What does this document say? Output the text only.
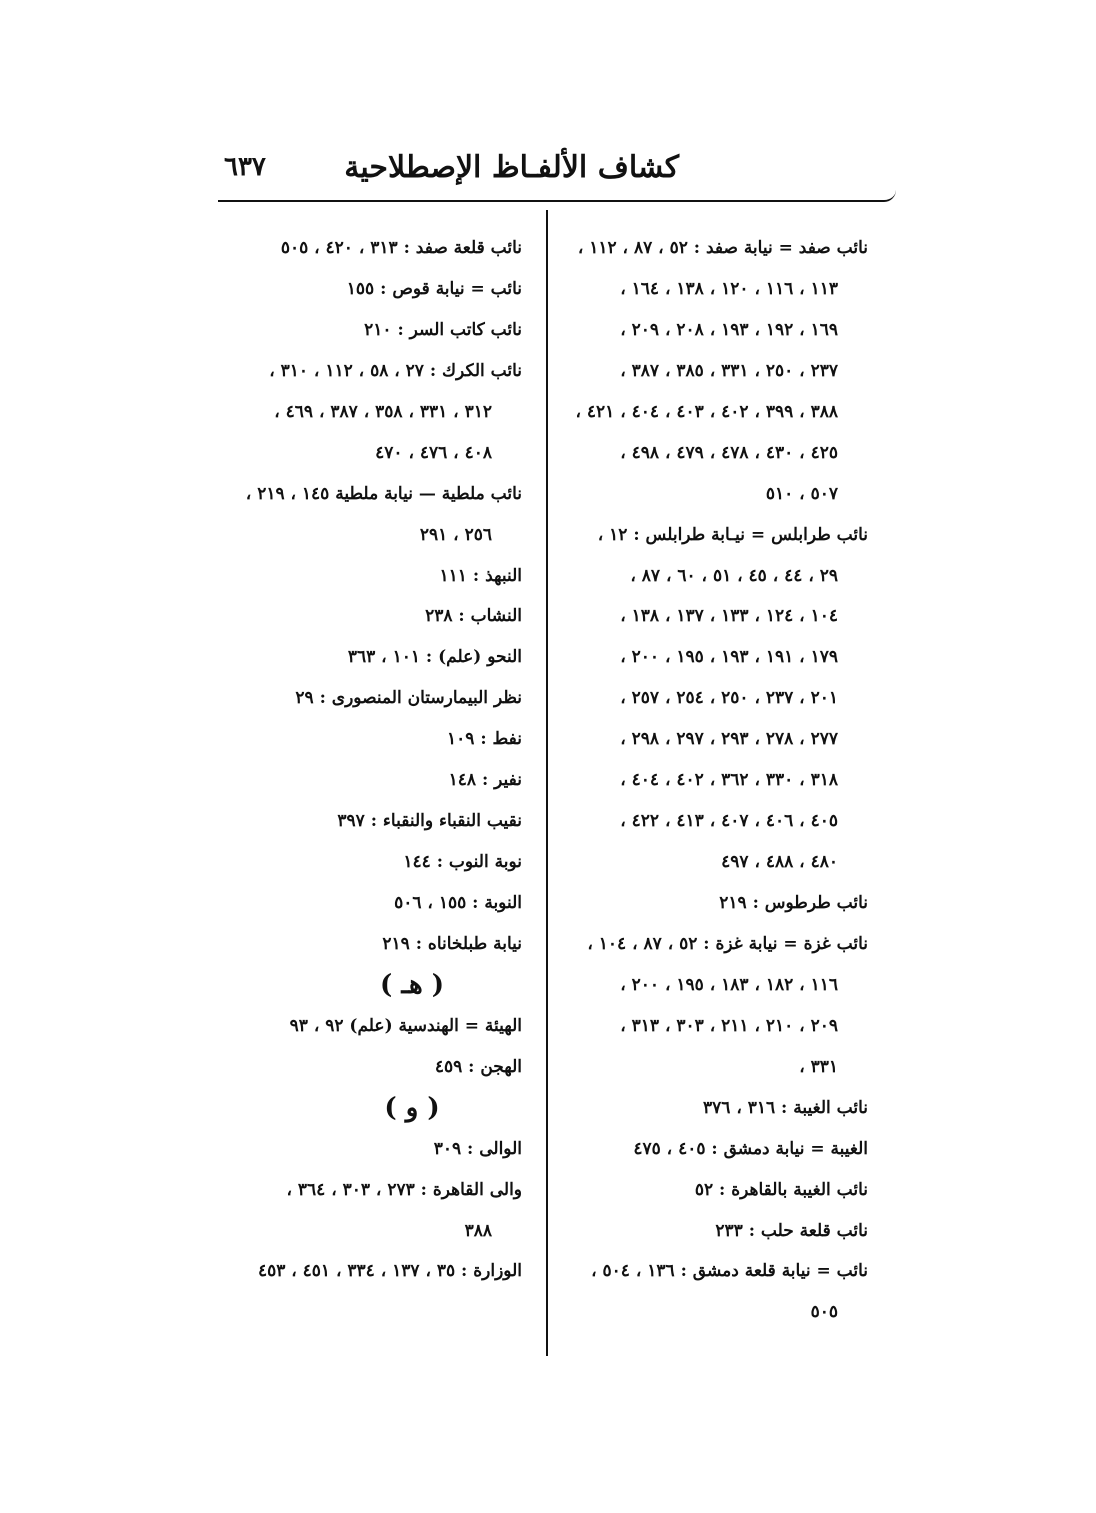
كشاف الألفـاظ الإصطلاحية
٦٣٧
نائب صفد = نيابة صفد : ٥٢ ، ٨٧ ، ١١٢ ،
١١٣ ، ١١٦ ، ١٢٠ ، ١٣٨ ، ١٦٤ ،
١٦٩ ، ١٩٢ ، ١٩٣ ، ٢٠٨ ، ٢٠٩ ،
٢٣٧ ، ٢٥٠ ، ٣٣١ ، ٣٨٥ ، ٣٨٧ ،
٣٨٨ ، ٣٩٩ ، ٤٠٢ ، ٤٠٣ ، ٤٠٤ ، ٤٢١ ،
٤٢٥ ، ٤٣٠ ، ٤٧٨ ، ٤٧٩ ، ٤٩٨ ،
٥٠٧ ، ٥١٠
نائب طرابلس = نيـابة طرابلس : ١٢ ،
٢٩ ، ٤٤ ، ٤٥ ، ٥١ ، ٦٠ ، ٨٧ ،
١٠٤ ، ١٢٤ ، ١٣٣ ، ١٣٧ ، ١٣٨ ،
١٧٩ ، ١٩١ ، ١٩٣ ، ١٩٥ ، ٢٠٠ ،
٢٠١ ، ٢٣٧ ، ٢٥٠ ، ٢٥٤ ، ٢٥٧ ،
٢٧٧ ، ٢٧٨ ، ٢٩٣ ، ٢٩٧ ، ٢٩٨ ،
٣١٨ ، ٣٣٠ ، ٣٦٢ ، ٤٠٢ ، ٤٠٤ ،
٤٠٥ ، ٤٠٦ ، ٤٠٧ ، ٤١٣ ، ٤٢٢ ،
٤٨٠ ، ٤٨٨ ، ٤٩٧
نائب طرطوس : ٢١٩
نائب غزة = نيابة غزة : ٥٢ ، ٨٧ ، ١٠٤ ،
١١٦ ، ١٨٢ ، ١٨٣ ، ١٩٥ ، ٢٠٠ ،
٢٠٩ ، ٢١٠ ، ٢١١ ، ٣٠٣ ، ٣١٣ ،
٣٣١ ،
نائب الغيبة : ٣١٦ ، ٣٧٦
الغيبة = نيابة دمشق : ٤٠٥ ، ٤٧٥
نائب الغيبة بالقاهرة : ٥٢
نائب قلعة حلب : ٢٣٣
نائب = نيابة قلعة دمشق : ١٣٦ ، ٥٠٤ ،
٥٠٥
نائب قلعة صفد : ٣١٣ ، ٤٢٠ ، ٥٠٥
نائب = نيابة قوص : ١٥٥
نائب كاتب السر : ٢١٠
نائب الكرك : ٢٧ ، ٥٨ ، ١١٢ ، ٣١٠ ،
٣١٢ ، ٣٣١ ، ٣٥٨ ، ٣٨٧ ، ٤٦٩ ،
٤٠٨ ، ٤٧٦ ، ٤٧٠
نائب ملطية — نيابة ملطية ١٤٥ ، ٢١٩ ،
٢٥٦ ، ٢٩١
النبهذ : ١١١
النشاب : ٢٣٨
النحو (علم) : ١٠١ ، ٣٦٣
نظر البيمارستان المنصورى : ٢٩
نفط : ١٠٩
نفير : ١٤٨
نقيب النقباء والنقباء : ٣٩٧
نوبة النوب : ١٤٤
النوبة : ١٥٥ ، ٥٠٦
نيابة طبلخاناه : ٢١٩
( هـ )
الهيئة = الهندسية (علم) ٩٢ ، ٩٣
الهجن : ٤٥٩
( و )
الوالى : ٣٠٩
والى القاهرة : ٢٧٣ ، ٣٠٣ ، ٣٦٤ ،
٣٨٨
الوزارة : ٣٥ ، ١٣٧ ، ٣٣٤ ، ٤٥١ ، ٤٥٣
